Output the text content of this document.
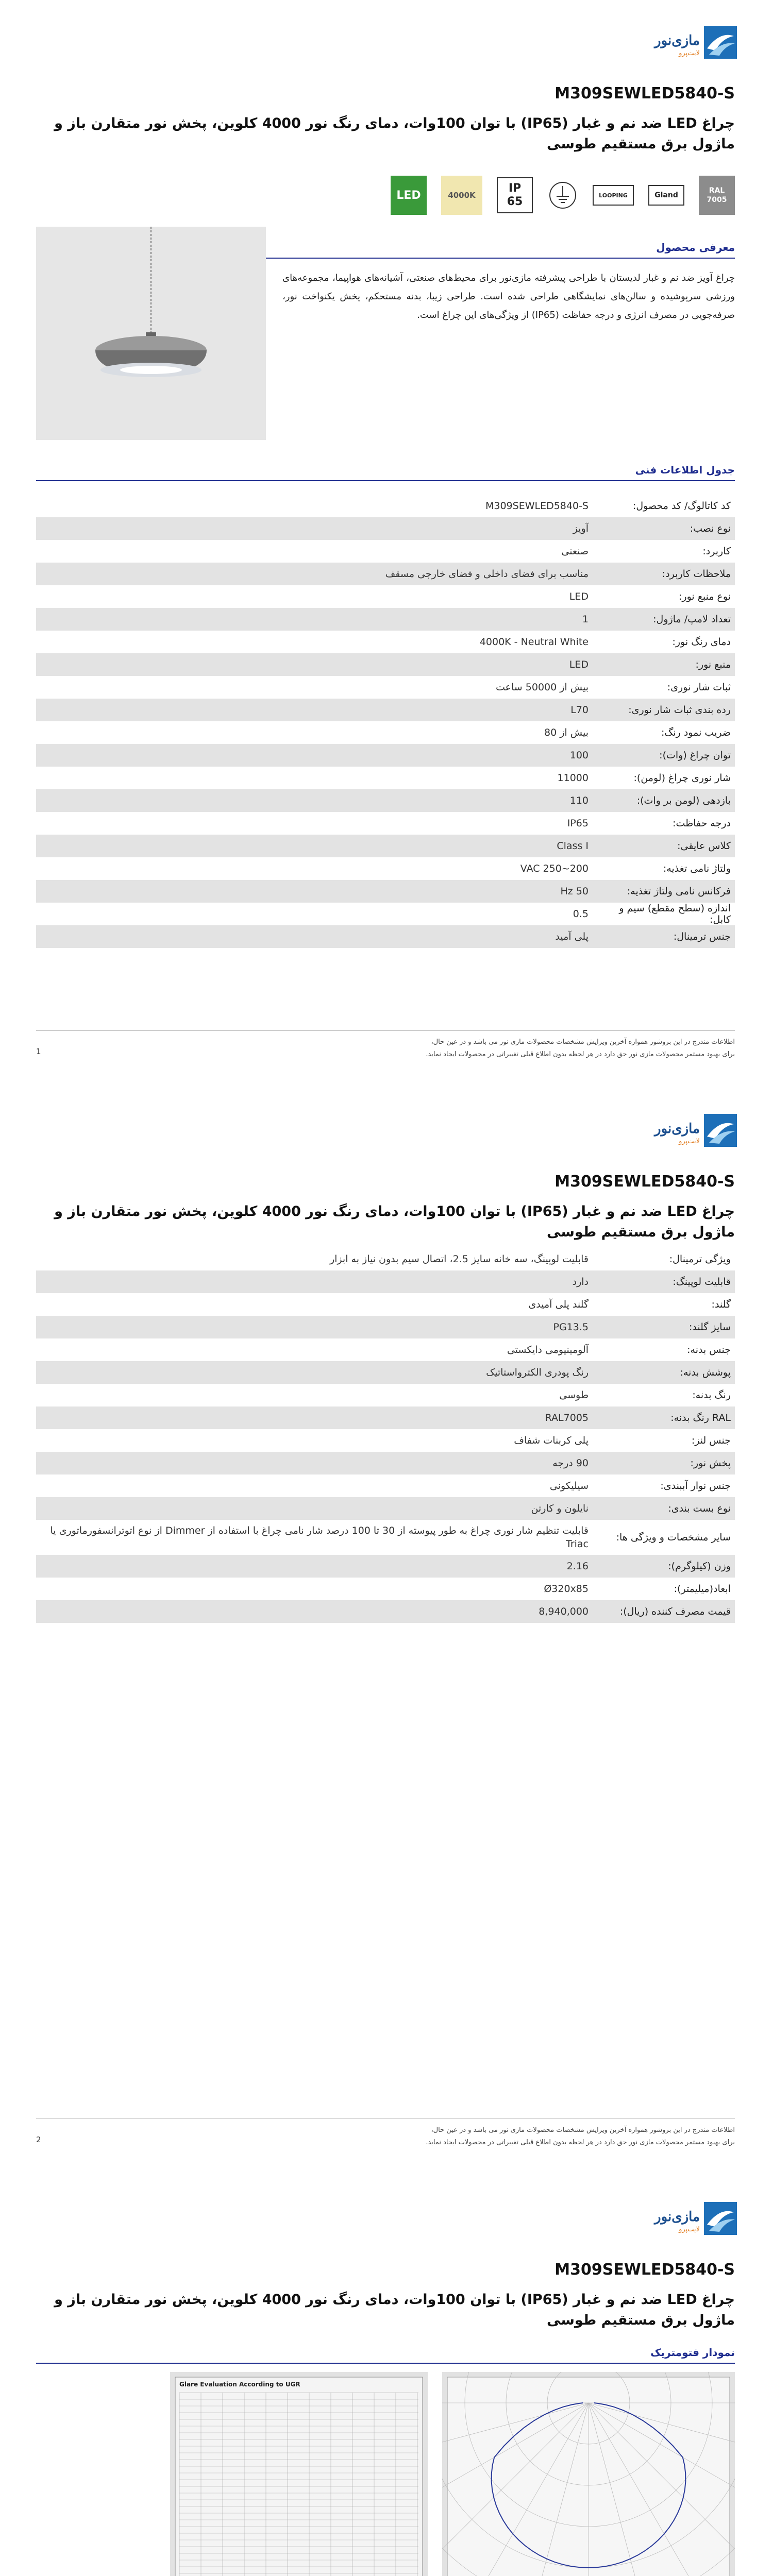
مازی‌نور
لایت‌پرو
M309SEWLED5840-S
چراغ LED ضد نم و غبار (IP65) با توان 100وات، دمای رنگ نور 4000 کلوین، پخش نور متقارن باز و ماژول برق مستقیم طوسی
RAL 7005
Gland
LOOPING
IP 65
4000K
LED
معرفی محصول
چراغ آویز ضد نم و غبار لدیستان با طراحی پیشرفته مازی‌نور برای محیط‌های صنعتی، آشیانه‌های هواپیما، مجموعه‌های ورزشی سرپوشیده و سالن‌های نمایشگاهی طراحی شده است. طراحی زیبا، بدنه مستحکم، پخش یکنواخت نور، صرفه‌جویی در مصرف انرژی و درجه حفاظت (IP65) از ویژگی‌های این چراغ است.
جدول اطلاعات فنی
کد کاتالوگ/ کد محصول:
M309SEWLED5840-S
نوع نصب:
آویز
کاربرد:
صنعتی
ملاحظات کاربرد:
مناسب برای فضای داخلی و فضای خارجی مسقف
نوع منبع نور:
LED
تعداد لامپ/ ماژول:
1
دمای رنگ نور:
4000K - Neutral White
منبع نور:
LED
ثبات شار نوری:
بیش از 50000 ساعت
رده بندی ثبات شار نوری:
L70
ضریب نمود رنگ:
بیش از 80
توان چراغ (وات):
100
شار نوری چراغ (لومن):
11000
بازدهی (لومن بر وات):
110
درجه حفاظت:
IP65
کلاس عایقی:
Class I
ولتاژ نامی تغذیه:
VAC 250~200
فرکانس نامی ولتاژ تغذیه:
Hz 50
اندازه (سطح مقطع) سیم و کابل:
0.5
جنس ترمینال:
پلی آمید
اطلاعات مندرج در این بروشور همواره آخرین ویرایش مشخصات محصولات مازی نور می باشد و در عین حال،
برای بهبود مستمر محصولات مازی نور حق دارد در هر لحظه بدون اطلاع قبلی تغییراتی در محصولات ایجاد نماید.
1
مازی‌نور
لایت‌پرو
M309SEWLED5840-S
چراغ LED ضد نم و غبار (IP65) با توان 100وات، دمای رنگ نور 4000 کلوین، پخش نور متقارن باز و ماژول برق مستقیم طوسی
ویژگی ترمینال:
قابلیت لوپینگ، سه خانه سایز 2.5، اتصال سیم بدون نیاز به ابزار
قابلیت لوپینگ:
دارد
گلند:
گلند پلی آمیدی
سایز گلند:
PG13.5
جنس بدنه:
آلومینیومی دایکستی
پوشش بدنه:
رنگ پودری الکترواستاتیک
رنگ بدنه:
طوسی
RAL رنگ بدنه:
RAL7005
جنس لنز:
پلی کربنات شفاف
پخش نور:
90 درجه
جنس نوار آببندی:
سیلیکونی
نوع بست بندی:
نایلون و کارتن
سایر مشخصات و ویژگی ها:
قابلیت تنظیم شار نوری چراغ به طور پیوسته از 30 تا 100 درصد شار نامی چراغ با استفاده از Dimmer از نوع اتوترانسفورماتوری یا Triac
وزن (کیلوگرم):
2.16
ابعاد(میلیمتر):
Ø320x85
قیمت مصرف کننده (ریال):
8,940,000
اطلاعات مندرج در این بروشور همواره آخرین ویرایش مشخصات محصولات مازی نور می باشد و در عین حال،
برای بهبود مستمر محصولات مازی نور حق دارد در هر لحظه بدون اطلاع قبلی تغییراتی در محصولات ایجاد نماید.
2
مازی‌نور
لایت‌پرو
M309SEWLED5840-S
چراغ LED ضد نم و غبار (IP65) با توان 100وات، دمای رنگ نور 4000 کلوین، پخش نور متقارن باز و ماژول برق مستقیم طوسی
نمودار فتومتریک
Glare Evaluation According to UGR
